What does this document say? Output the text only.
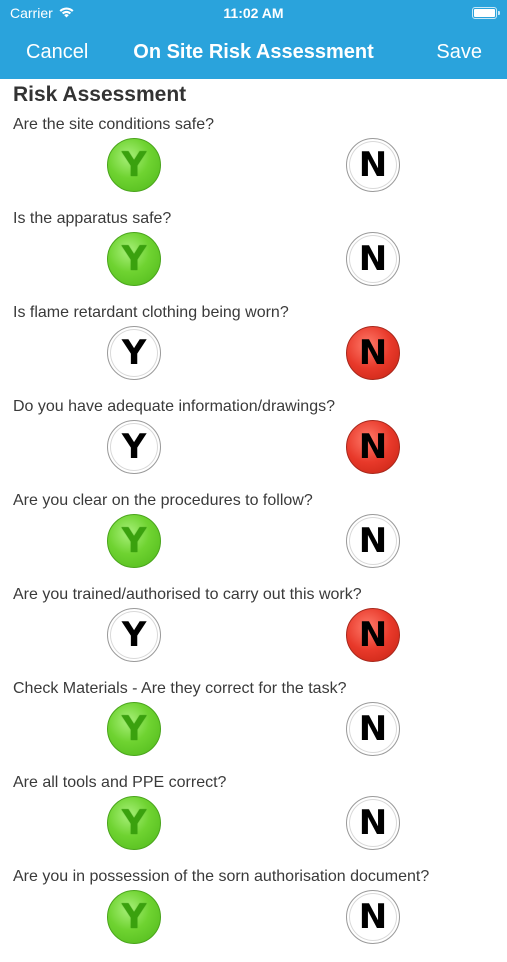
Carrier	11:02 AM
Cancel	On Site Risk Assessment	Save
Risk Assessment
Are the site conditions safe?
Y	N
Is the apparatus safe?
Y	N
Is flame retardant clothing being worn?
Y	N
Do you have adequate information/drawings?
Y	N
Are you clear on the procedures to follow?
Y	N
Are you trained/authorised to carry out this work?
Y	N
Check Materials - Are they correct for the task?
Y	N
Are all tools and PPE correct?
Y	N
Are you in possession of the sorn authorisation document?
Y	N
